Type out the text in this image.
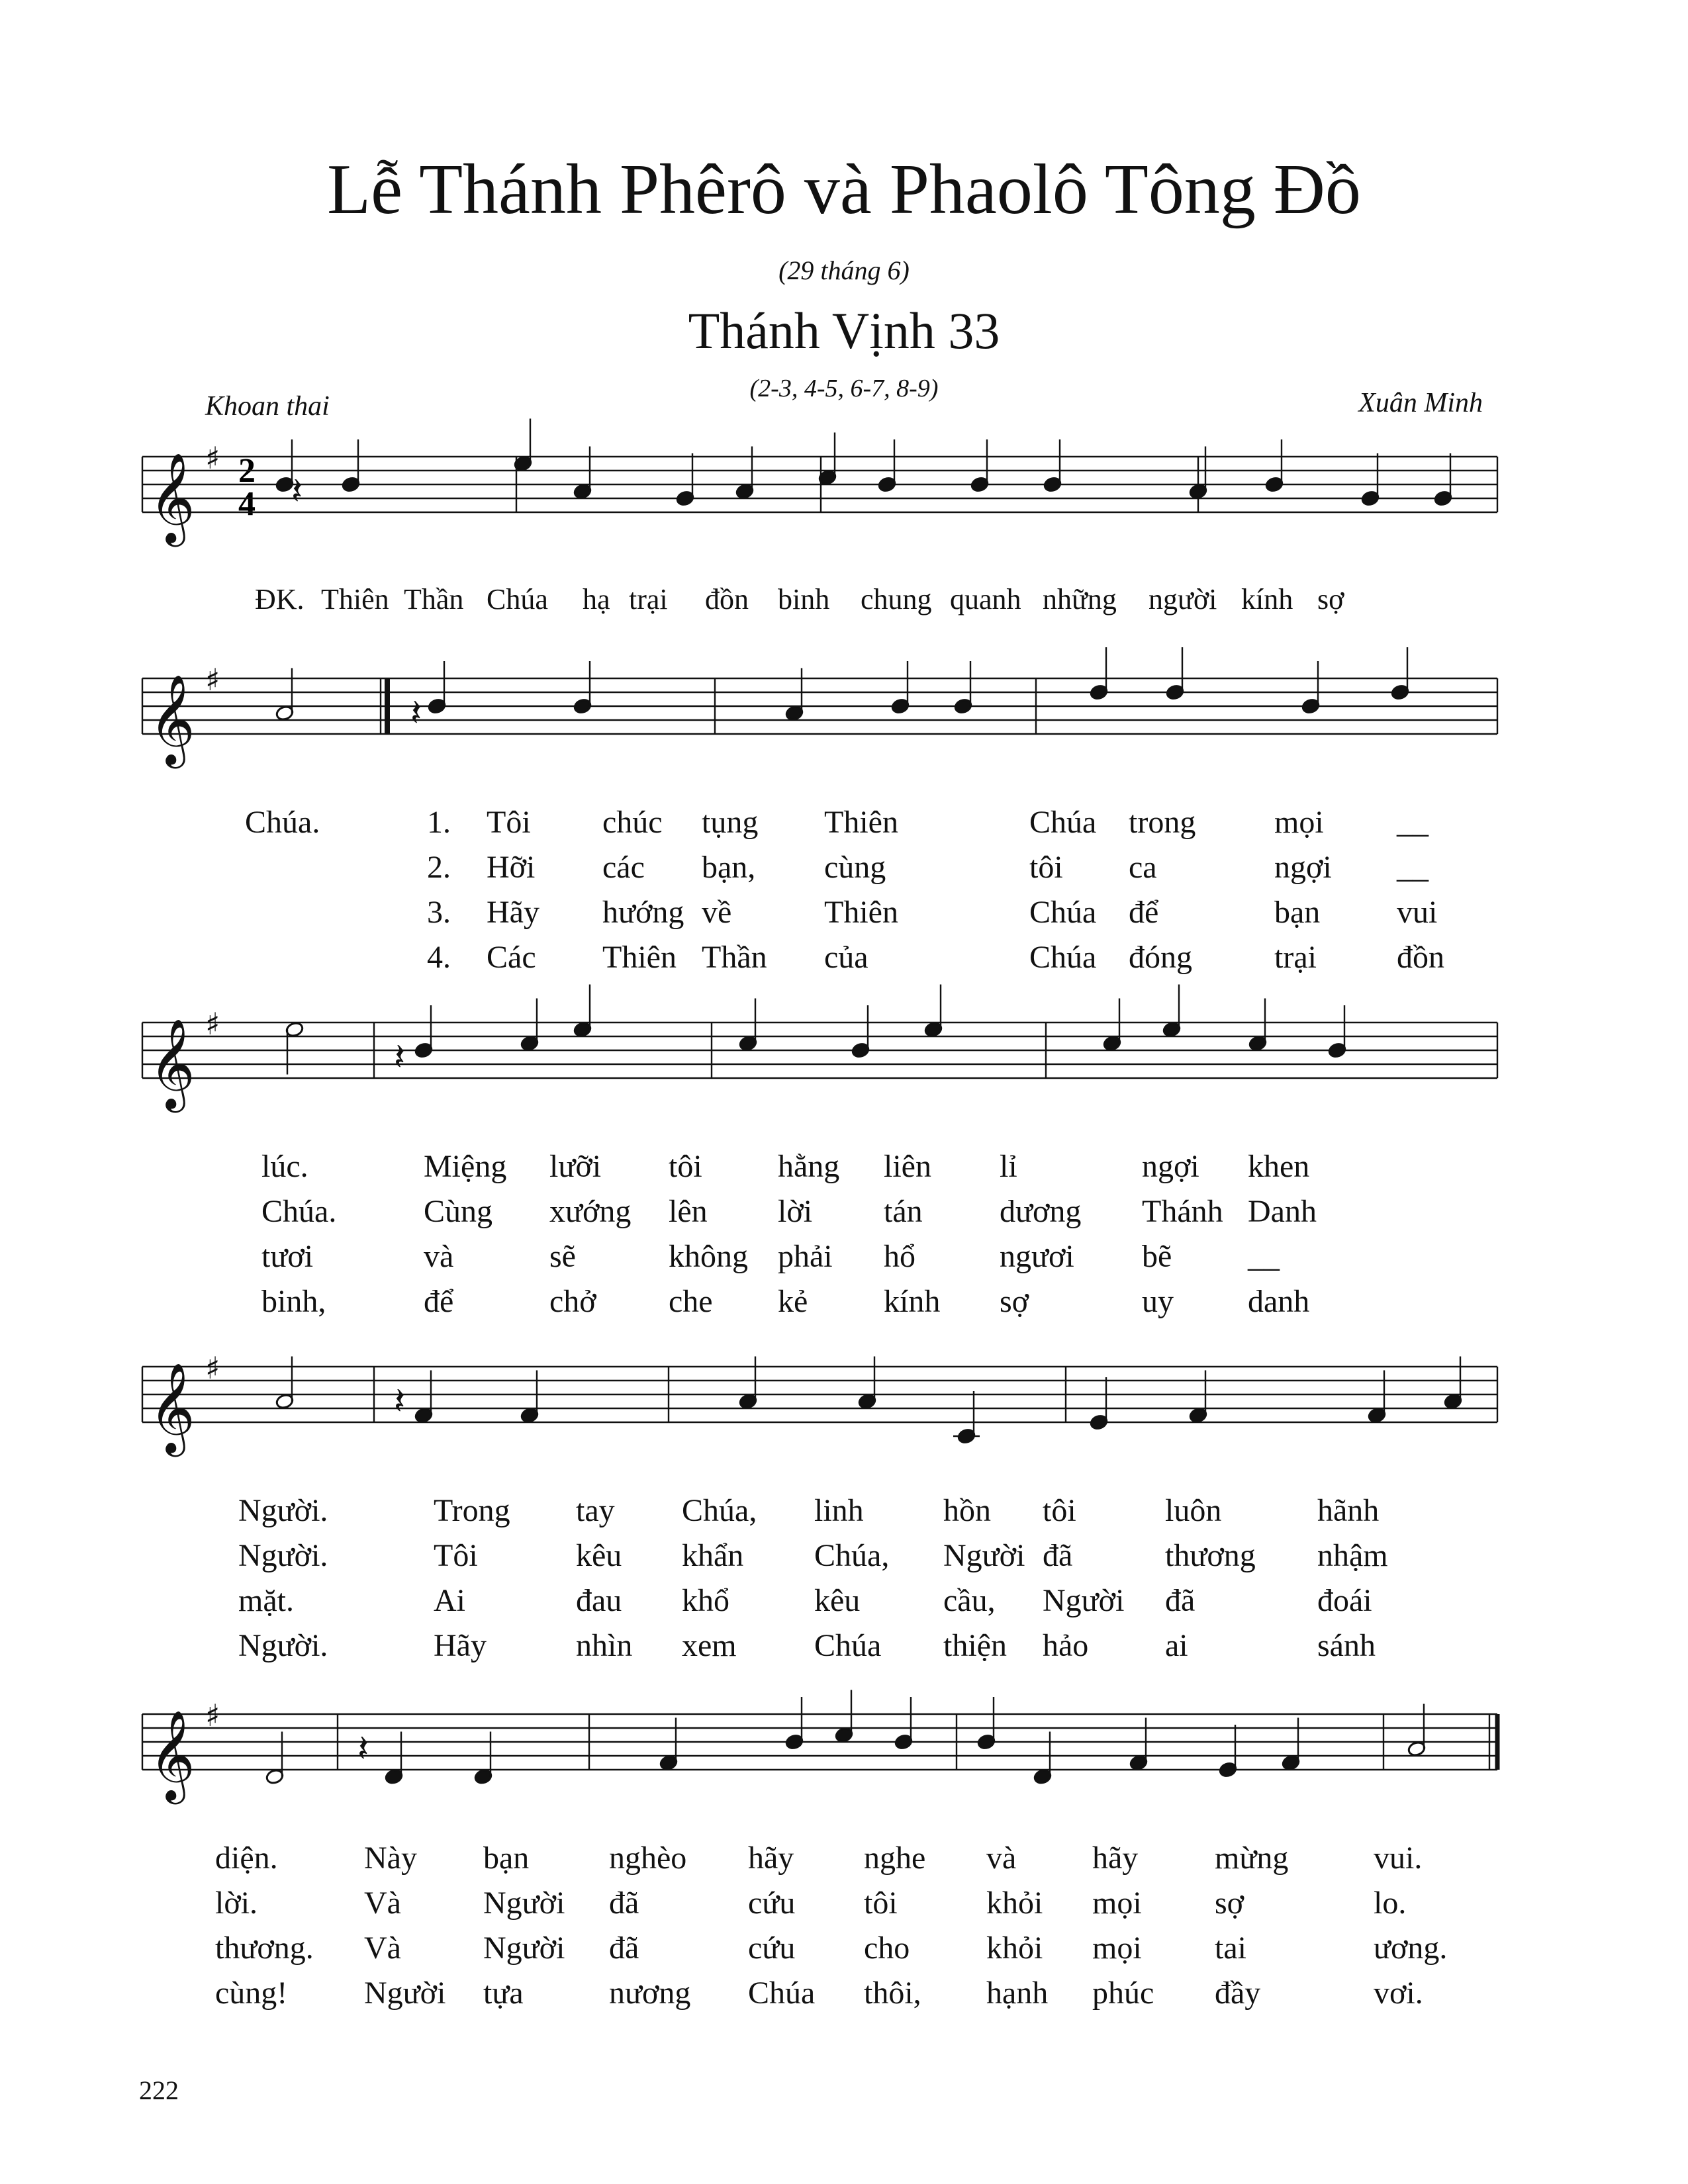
Lễ Thánh Phêrô và Phaolô Tông Đồ
(29 tháng 6)
Thánh Vịnh 33
(2-3, 4-5, 6-7, 8-9)
Khoan thai	Xuân Minh
2
4
𝄞 ♯
𝄞 ♯
𝄞 ♯
𝄞 ♯
𝄞 ♯
𝄽
𝄽
𝄽
𝄽
𝄽
ĐK. Thiên Thần Chúa hạ trại đồn binh chung quanh những người kính sợ
Chúa.	1. Tôi chúc tụng Thiên	Chúa trong mọi __
2. Hỡi các bạn, cùng	tôi ca	ngợi __
3. Hãy hướng về	Thiên	Chúa để	bạn vui
4. Các Thiên Thần của	Chúa đóng	trại	đồn
lúc.	Miệng lưỡi tôi hằng liên lỉ	ngợi khen
Chúa.	Cùng xướng lên lời tán dương Thánh Danh
tươi	và	sẽ	không phải hổ	ngươi bẽ __
binh,	để	chở che kẻ kính sợ	uy danh
Người.	Trong tay Chúa, linh	hồn tôi	luôn	hãnh
Người.	Tôi	kêu khẩn Chúa, Người đã	thương nhậm
mặt.	Ai	đau khổ	kêu	cầu, Người đã	đoái
Người.	Hãy	nhìn xem Chúa thiện hảo ai	sánh
diện.	Này bạn	nghèo hãy nghe và hãy mừng	vui.
lời.	Và	Người đã	cứu tôi	khỏi mọi sợ	lo.
thương. Và	Người đã	cứu cho khỏi mọi tai	ương.
cùng! Người tựa	nương Chúa thôi, hạnh phúc đầy	vơi.
222
